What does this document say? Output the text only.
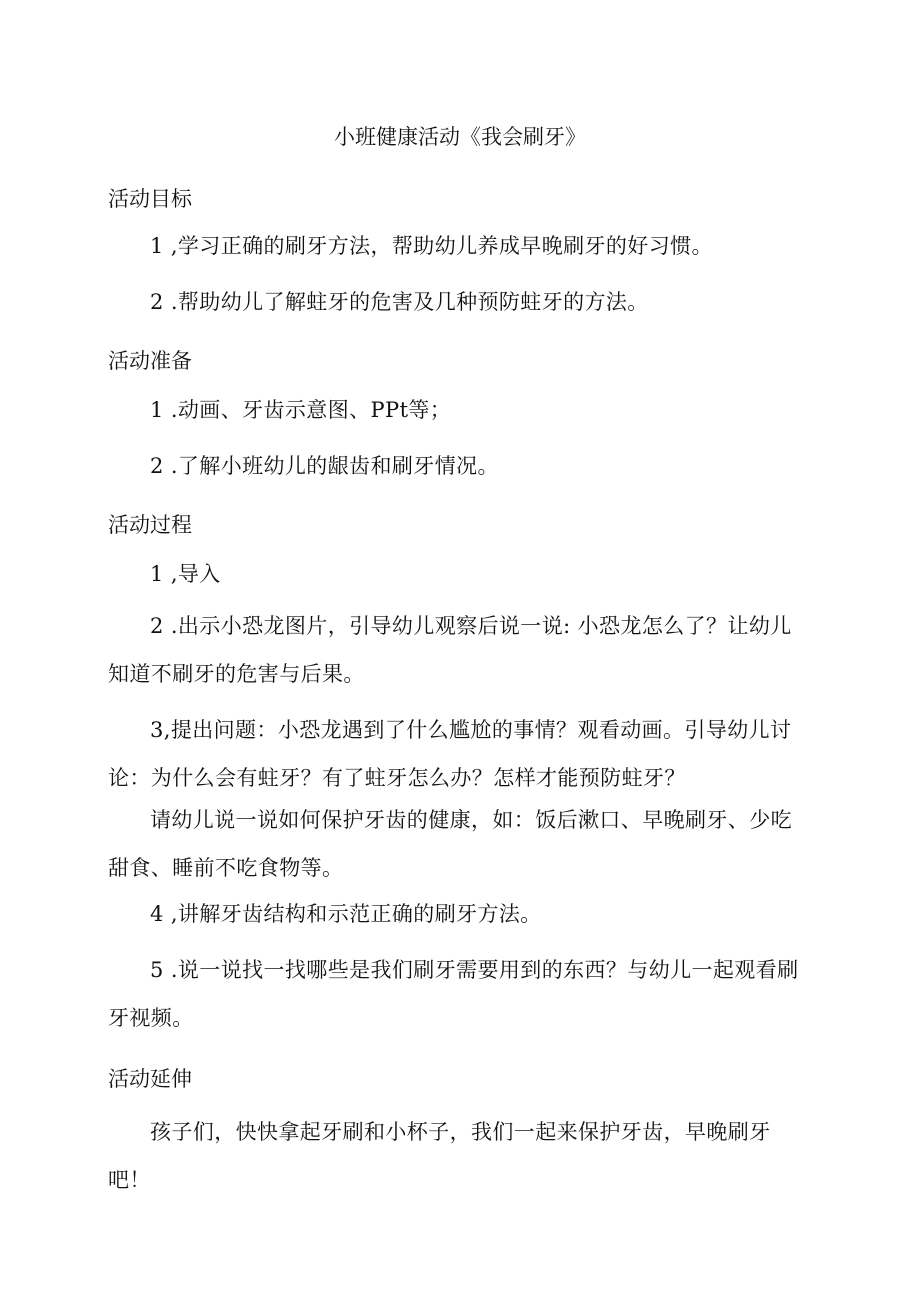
小班健康活动《我会刷牙》
活动目标
1 ,学习正确的刷牙方法，帮助幼儿养成早晚刷牙的好习惯。
2 .帮助幼儿了解蛀牙的危害及几种预防蛀牙的方法。
活动准备
1 .动画、牙齿示意图、PPt等；
2 .了解小班幼儿的龈齿和刷牙情况。
活动过程
1 ,导入
2 .出示小恐龙图片，引导幼儿观察后说一说: 小恐龙怎么了？让幼儿知道不刷牙的危害与后果。
3,提出问题：小恐龙遇到了什么尴尬的事情？观看动画。引导幼儿讨论：为什么会有蛀牙？有了蛀牙怎么办？怎样才能预防蛀牙？
请幼儿说一说如何保护牙齿的健康，如：饭后漱口、早晚刷牙、少吃甜食、睡前不吃食物等。
4 ,讲解牙齿结构和示范正确的刷牙方法。
5 .说一说找一找哪些是我们刷牙需要用到的东西？与幼儿一起观看刷牙视频。
活动延伸
孩子们，快快拿起牙刷和小杯子，我们一起来保护牙齿，早晚刷牙吧！
